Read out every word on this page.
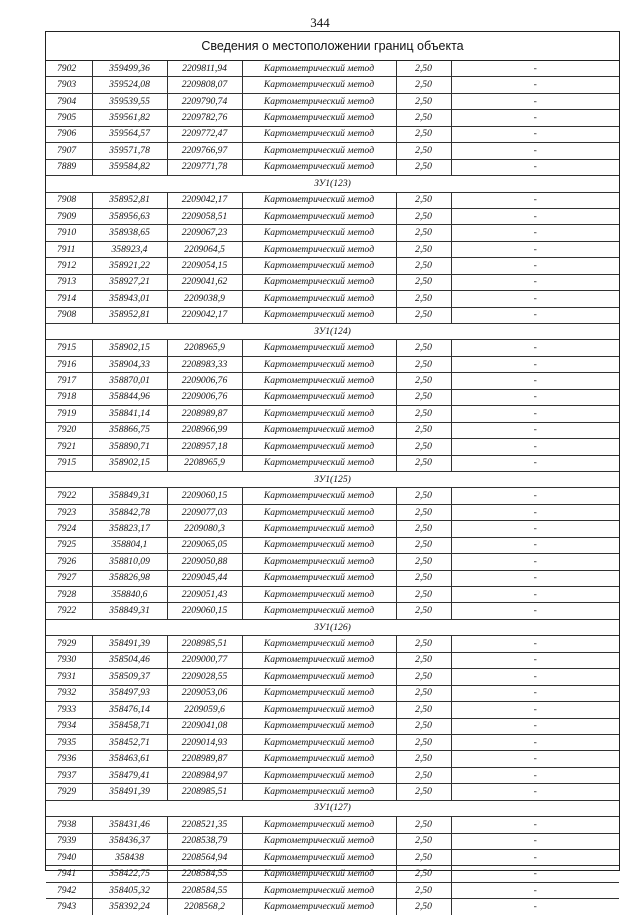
344
Сведения о местоположении границ объекта
7902	359499,36	2209811,94	Картометрический метод	2,50	-
7903	359524,08	2209808,07	Картометрический метод	2,50	-
7904	359539,55	2209790,74	Картометрический метод	2,50	-
7905	359561,82	2209782,76	Картометрический метод	2,50	-
7906	359564,57	2209772,47	Картометрический метод	2,50	-
7907	359571,78	2209766,97	Картометрический метод	2,50	-
7889	359584,82	2209771,78	Картометрический метод	2,50	-
ЗУ1(123)					
7908	358952,81	2209042,17	Картометрический метод	2,50	-
7909	358956,63	2209058,51	Картометрический метод	2,50	-
7910	358938,65	2209067,23	Картометрический метод	2,50	-
7911	358923,4	2209064,5	Картометрический метод	2,50	-
7912	358921,22	2209054,15	Картометрический метод	2,50	-
7913	358927,21	2209041,62	Картометрический метод	2,50	-
7914	358943,01	2209038,9	Картометрический метод	2,50	-
7908	358952,81	2209042,17	Картометрический метод	2,50	-
ЗУ1(124)					
7915	358902,15	2208965,9	Картометрический метод	2,50	-
7916	358904,33	2208983,33	Картометрический метод	2,50	-
7917	358870,01	2209006,76	Картометрический метод	2,50	-
7918	358844,96	2209006,76	Картометрический метод	2,50	-
7919	358841,14	2208989,87	Картометрический метод	2,50	-
7920	358866,75	2208966,99	Картометрический метод	2,50	-
7921	358890,71	2208957,18	Картометрический метод	2,50	-
7915	358902,15	2208965,9	Картометрический метод	2,50	-
ЗУ1(125)					
7922	358849,31	2209060,15	Картометрический метод	2,50	-
7923	358842,78	2209077,03	Картометрический метод	2,50	-
7924	358823,17	2209080,3	Картометрический метод	2,50	-
7925	358804,1	2209065,05	Картометрический метод	2,50	-
7926	358810,09	2209050,88	Картометрический метод	2,50	-
7927	358826,98	2209045,44	Картометрический метод	2,50	-
7928	358840,6	2209051,43	Картометрический метод	2,50	-
7922	358849,31	2209060,15	Картометрический метод	2,50	-
ЗУ1(126)					
7929	358491,39	2208985,51	Картометрический метод	2,50	-
7930	358504,46	2209000,77	Картометрический метод	2,50	-
7931	358509,37	2209028,55	Картометрический метод	2,50	-
7932	358497,93	2209053,06	Картометрический метод	2,50	-
7933	358476,14	2209059,6	Картометрический метод	2,50	-
7934	358458,71	2209041,08	Картометрический метод	2,50	-
7935	358452,71	2209014,93	Картометрический метод	2,50	-
7936	358463,61	2208989,87	Картометрический метод	2,50	-
7937	358479,41	2208984,97	Картометрический метод	2,50	-
7929	358491,39	2208985,51	Картометрический метод	2,50	-
ЗУ1(127)					
7938	358431,46	2208521,35	Картометрический метод	2,50	-
7939	358436,37	2208538,79	Картометрический метод	2,50	-
7940	358438	2208564,94	Картометрический метод	2,50	-
7941	358422,75	2208584,55	Картометрический метод	2,50	-
7942	358405,32	2208584,55	Картометрический метод	2,50	-
7943	358392,24	2208568,2	Картометрический метод	2,50	-
